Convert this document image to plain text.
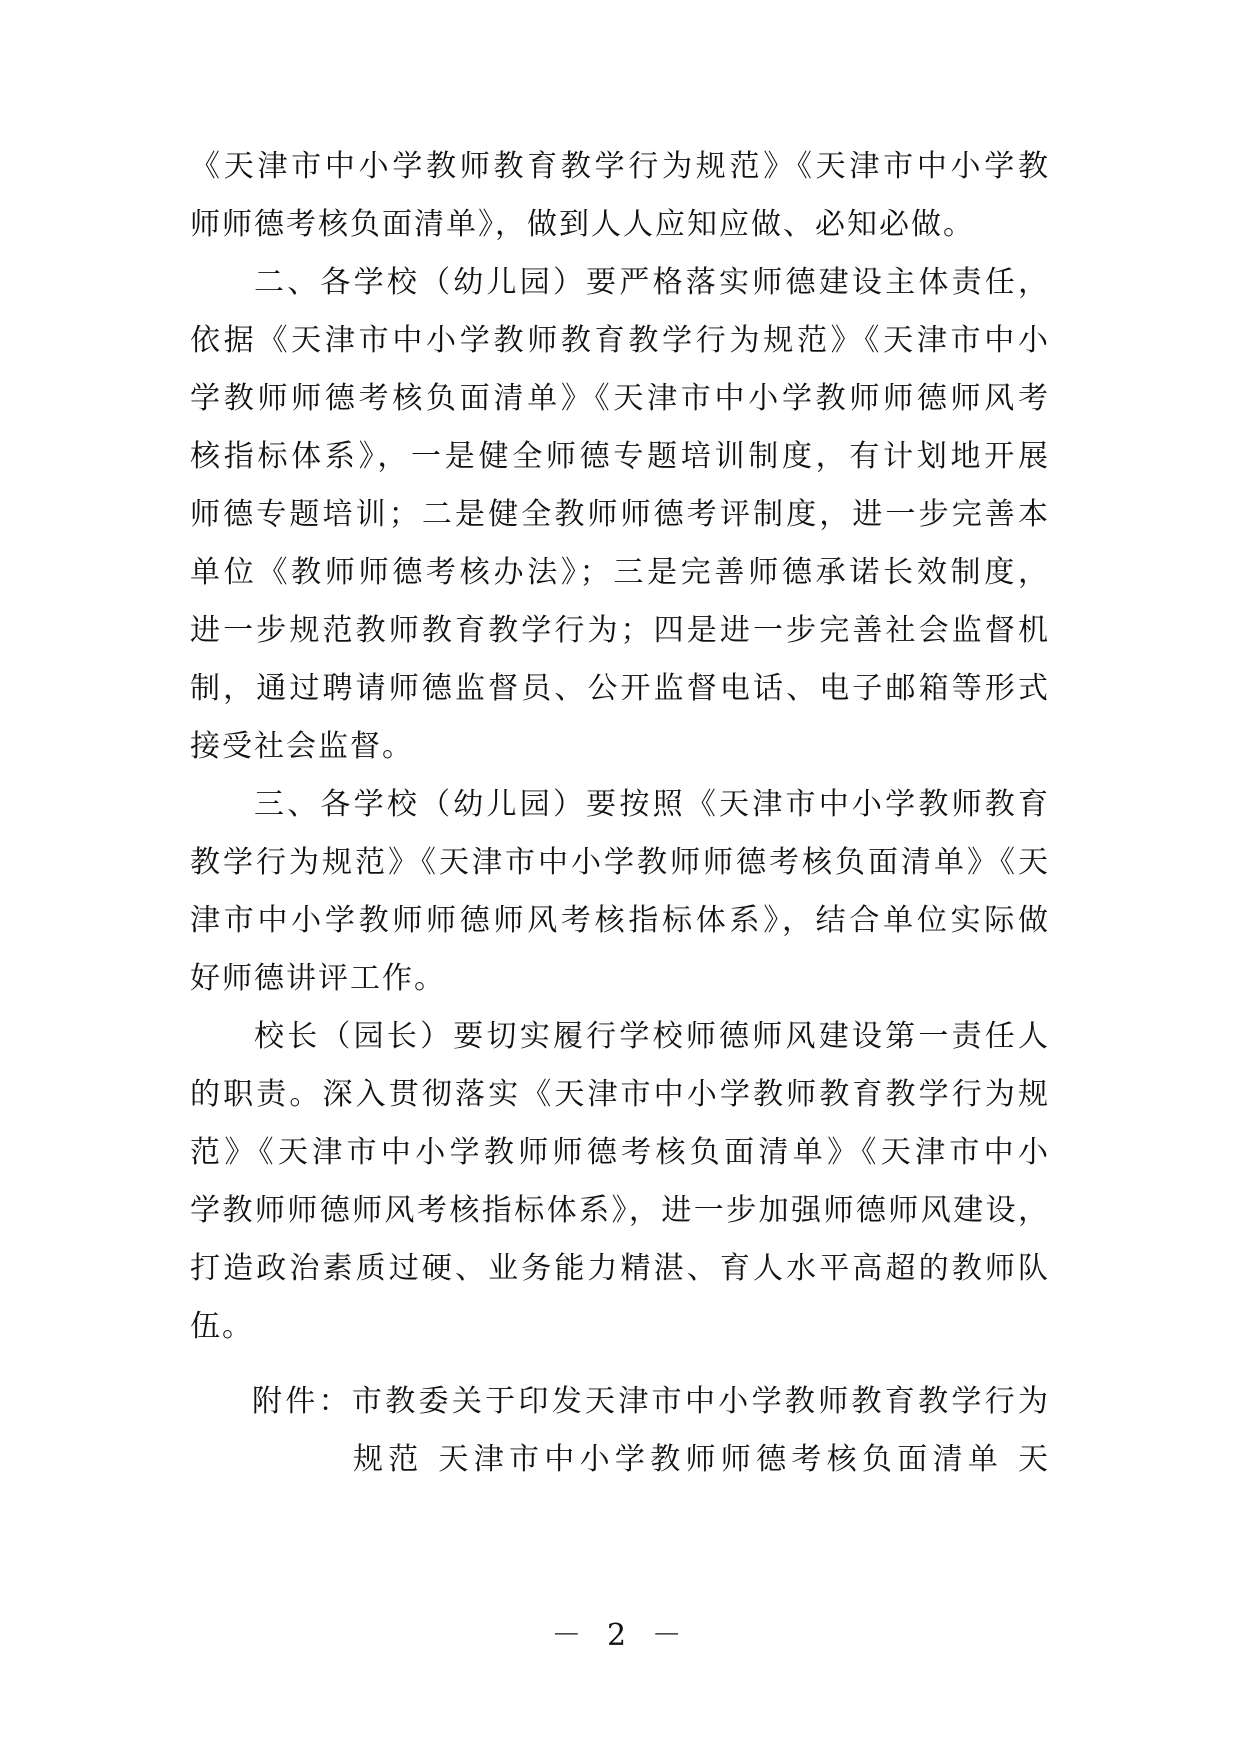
《天津市中小学教师教育教学行为规范》《天津市中小学教
师师德考核负面清单》，做到人人应知应做、必知必做。
二、各学校（幼儿园）要严格落实师德建设主体责任，
依据《天津市中小学教师教育教学行为规范》《天津市中小
学教师师德考核负面清单》《天津市中小学教师师德师风考
核指标体系》，一是健全师德专题培训制度，有计划地开展
师德专题培训；二是健全教师师德考评制度，进一步完善本
单位《教师师德考核办法》；三是完善师德承诺长效制度，
进一步规范教师教育教学行为；四是进一步完善社会监督机
制，通过聘请师德监督员、公开监督电话、电子邮箱等形式
接受社会监督。
三、各学校（幼儿园）要按照《天津市中小学教师教育
教学行为规范》《天津市中小学教师师德考核负面清单》《天
津市中小学教师师德师风考核指标体系》，结合单位实际做
好师德讲评工作。
校长（园长）要切实履行学校师德师风建设第一责任人
的职责。深入贯彻落实《天津市中小学教师教育教学行为规
范》《天津市中小学教师师德考核负面清单》《天津市中小
学教师师德师风考核指标体系》，进一步加强师德师风建设，
打造政治素质过硬、业务能力精湛、育人水平高超的教师队
伍。
附件：市教委关于印发天津市中小学教师教育教学行为
规范 天津市中小学教师师德考核负面清单 天
－ 2 －
